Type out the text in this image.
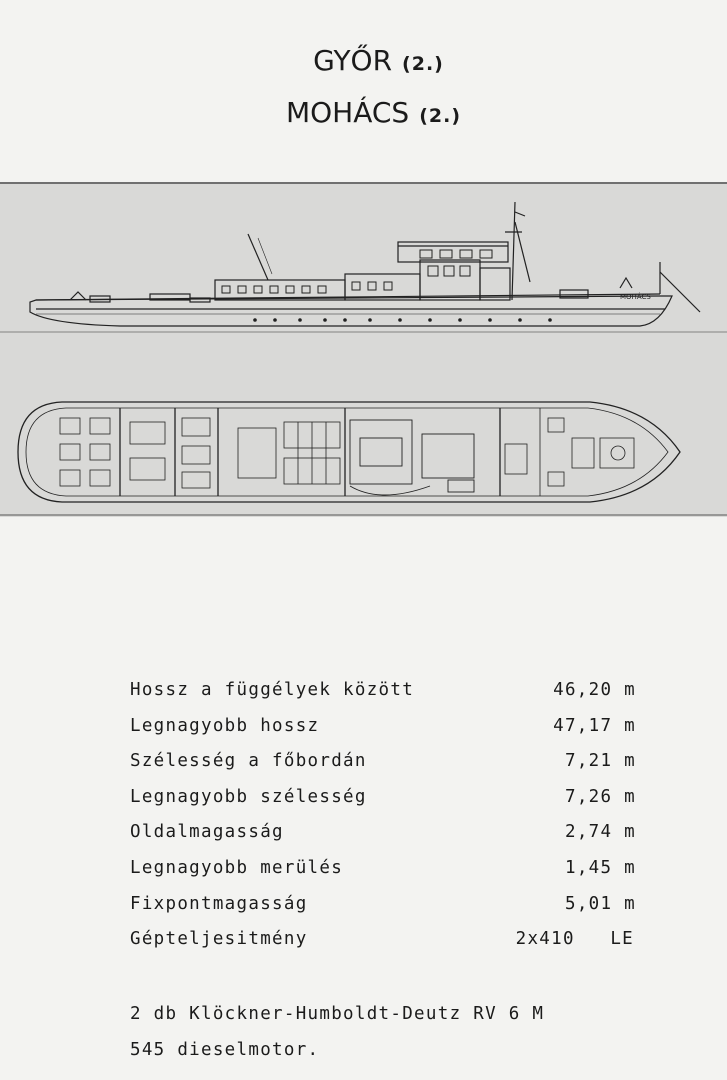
GYŐR (2.)
MOHÁCS (2.)
MOHÁCS
Hossz a függélyek között	46,20 m
Legnagyobb hossz	47,17 m
Szélesség a főbordán	7,21 m
Legnagyobb szélesség	7,26 m
Oldalmagasság	2,74 m
Legnagyobb merülés	1,45 m
Fixpontmagasság	5,01 m
Gépteljesitmény	2x410   LE
2 db Klöckner-Humboldt-Deutz RV 6 M
545 dieselmotor.
